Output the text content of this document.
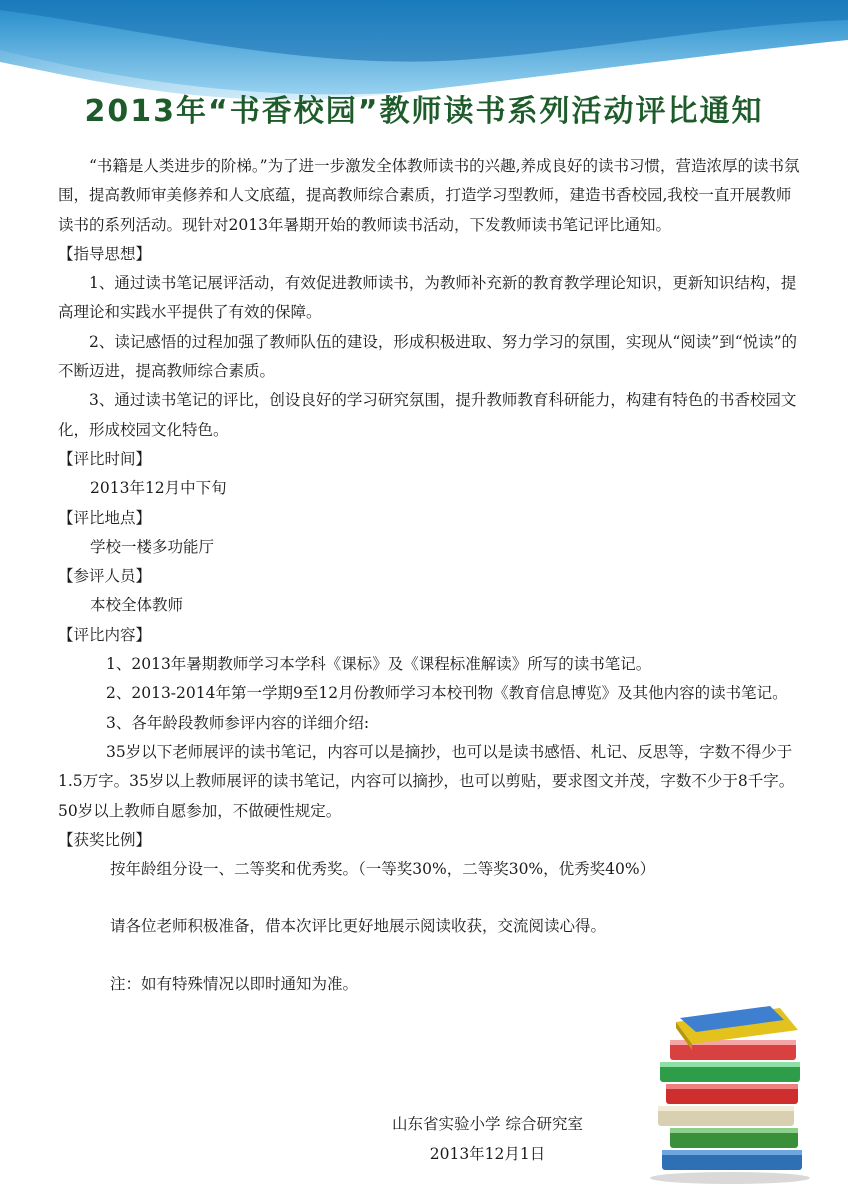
2013年“书香校园”教师读书系列活动评比通知

“书籍是人类进步的阶梯。”为了进一步激发全体教师读书的兴趣,养成良好的读书习惯，营造浓厚的读书氛围，提高教师审美修养和人文底蕴，提高教师综合素质，打造学习型教师，建造书香校园,我校一直开展教师读书的系列活动。现针对2013年暑期开始的教师读书活动，下发教师读书笔记评比通知。

【指导思想】

1、通过读书笔记展评活动，有效促进教师读书，为教师补充新的教育教学理论知识，更新知识结构，提高理论和实践水平提供了有效的保障。

2、读记感悟的过程加强了教师队伍的建设，形成积极进取、努力学习的氛围，实现从“阅读”到“悦读”的不断迈进，提高教师综合素质。

3、通过读书笔记的评比，创设良好的学习研究氛围，提升教师教育科研能力，构建有特色的书香校园文化，形成校园文化特色。

【评比时间】

2013年12月中下旬

【评比地点】

学校一楼多功能厅

【参评人员】

本校全体教师

【评比内容】

1、2013年暑期教师学习本学科《课标》及《课程标准解读》所写的读书笔记。

2、2013-2014年第一学期9至12月份教师学习本校刊物《教育信息博览》及其他内容的读书笔记。

3、各年龄段教师参评内容的详细介绍:

35岁以下老师展评的读书笔记，内容可以是摘抄，也可以是读书感悟、札记、反思等，字数不得少于1.5万字。35岁以上教师展评的读书笔记，内容可以摘抄，也可以剪贴，要求图文并茂，字数不少于8千字。50岁以上教师自愿参加，不做硬性规定。

【获奖比例】

按年龄组分设一、二等奖和优秀奖。（一等奖30%，二等奖30%，优秀奖40%）

请各位老师积极准备，借本次评比更好地展示阅读收获，交流阅读心得。

注：如有特殊情况以即时通知为准。

山东省实验小学 综合研究室
2013年12月1日
